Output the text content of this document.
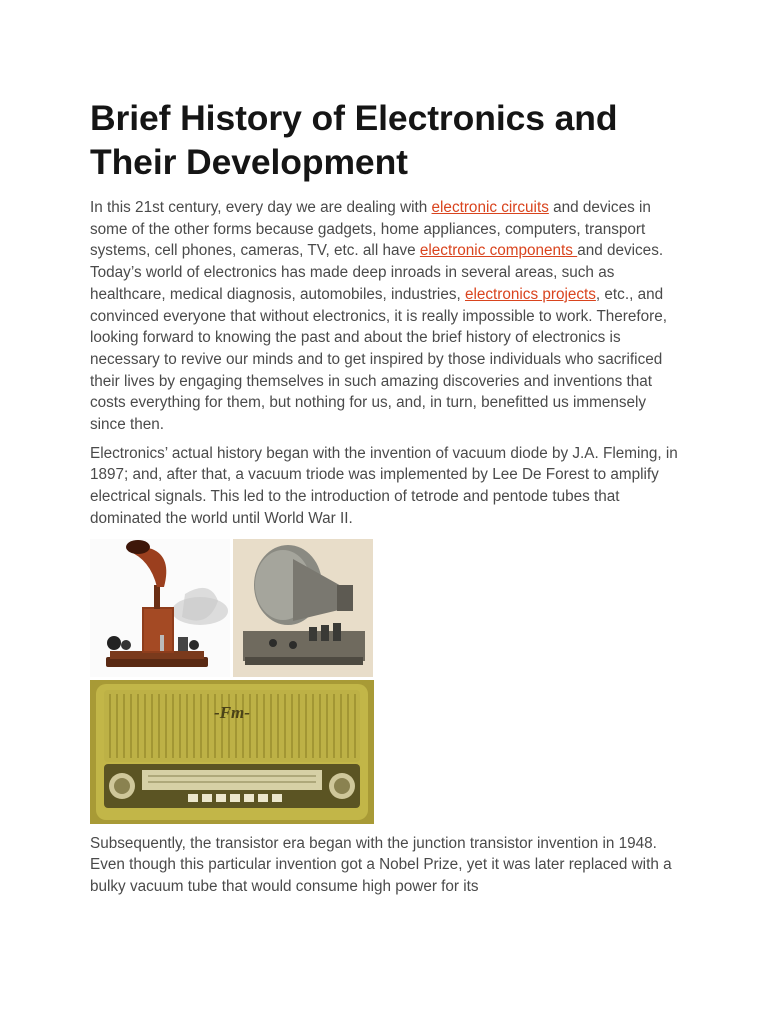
Brief History of Electronics and
Their Development

In this 21st century, every day we are dealing with electronic circuits and devices in some of the other forms because gadgets, home appliances, computers, transport systems, cell phones, cameras, TV, etc. all have electronic components and devices. Today’s world of electronics has made deep inroads in several areas, such as healthcare, medical diagnosis, automobiles, industries, electronics projects, etc., and convinced everyone that without electronics, it is really impossible to work. Therefore, looking forward to knowing the past and about the brief history of electronics is necessary to revive our minds and to get inspired by those individuals who sacrificed their lives by engaging themselves in such amazing discoveries and inventions that costs everything for them, but nothing for us, and, in turn, benefitted us immensely since then.

Electronics’ actual history began with the invention of vacuum diode by J.A. Fleming, in 1897; and, after that, a vacuum triode was implemented by Lee De Forest to amplify electrical signals. This led to the introduction of tetrode and pentode tubes that dominated the world until World War II.

-Fm-

Subsequently, the transistor era began with the junction transistor invention in 1948. Even though this particular invention got a Nobel Prize, yet it was later replaced with a bulky vacuum tube that would consume high power for its
